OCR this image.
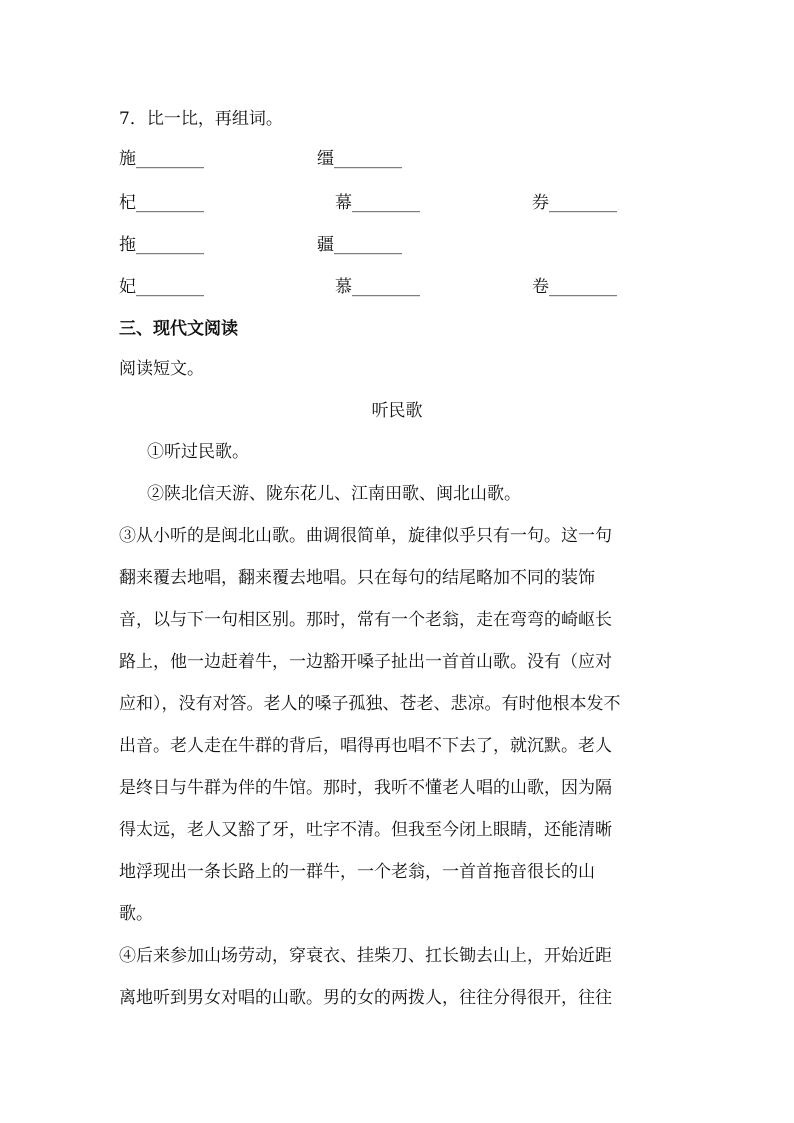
7．比一比，再组词。
施________	缰________
杞________	幕________	券________
拖________	疆________
妃________	慕________	卷________
三、现代文阅读
阅读短文。
听民歌
①听过民歌。
②陕北信天游、陇东花儿、江南田歌、闽北山歌。
③从小听的是闽北山歌。曲调很简单，旋律似乎只有一句。这一句
翻来覆去地唱，翻来覆去地唱。只在每句的结尾略加不同的装饰
音，以与下一句相区别。那时，常有一个老翁，走在弯弯的崎岖长
路上，他一边赶着牛，一边豁开嗓子扯出一首首山歌。没有（应对
应和），没有对答。老人的嗓子孤独、苍老、悲凉。有时他根本发不
出音。老人走在牛群的背后，唱得再也唱不下去了，就沉默。老人
是终日与牛群为伴的牛馆。那时，我听不懂老人唱的山歌，因为隔
得太远，老人又豁了牙，吐字不清。但我至今闭上眼睛，还能清晰
地浮现出一条长路上的一群牛，一个老翁，一首首拖音很长的山
歌。
④后来参加山场劳动，穿衰衣、挂柴刀、扛长锄去山上，开始近距
离地听到男女对唱的山歌。男的女的两拨人，往往分得很开，往往
